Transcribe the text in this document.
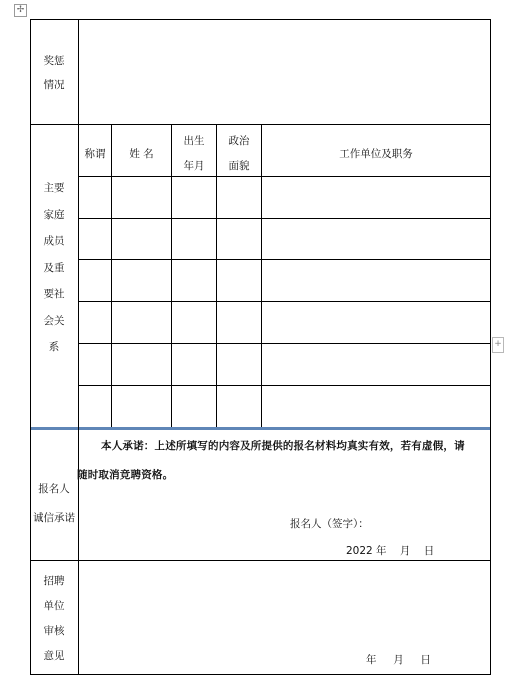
✢
+
奖惩
情况
称谓	姓 名
出生
年月
政治
面貌
工作单位及职务
主要
家庭
成员
及重
要社
会关
系
报名人
诚信承诺

本人承诺：上述所填写的内容及所提供的报名材料均真实有效，若有虚假，请

随时取消竞聘资格。

报名人（签字）：
2022 年    月    日
招聘
单位
审核
意见	年     月     日
